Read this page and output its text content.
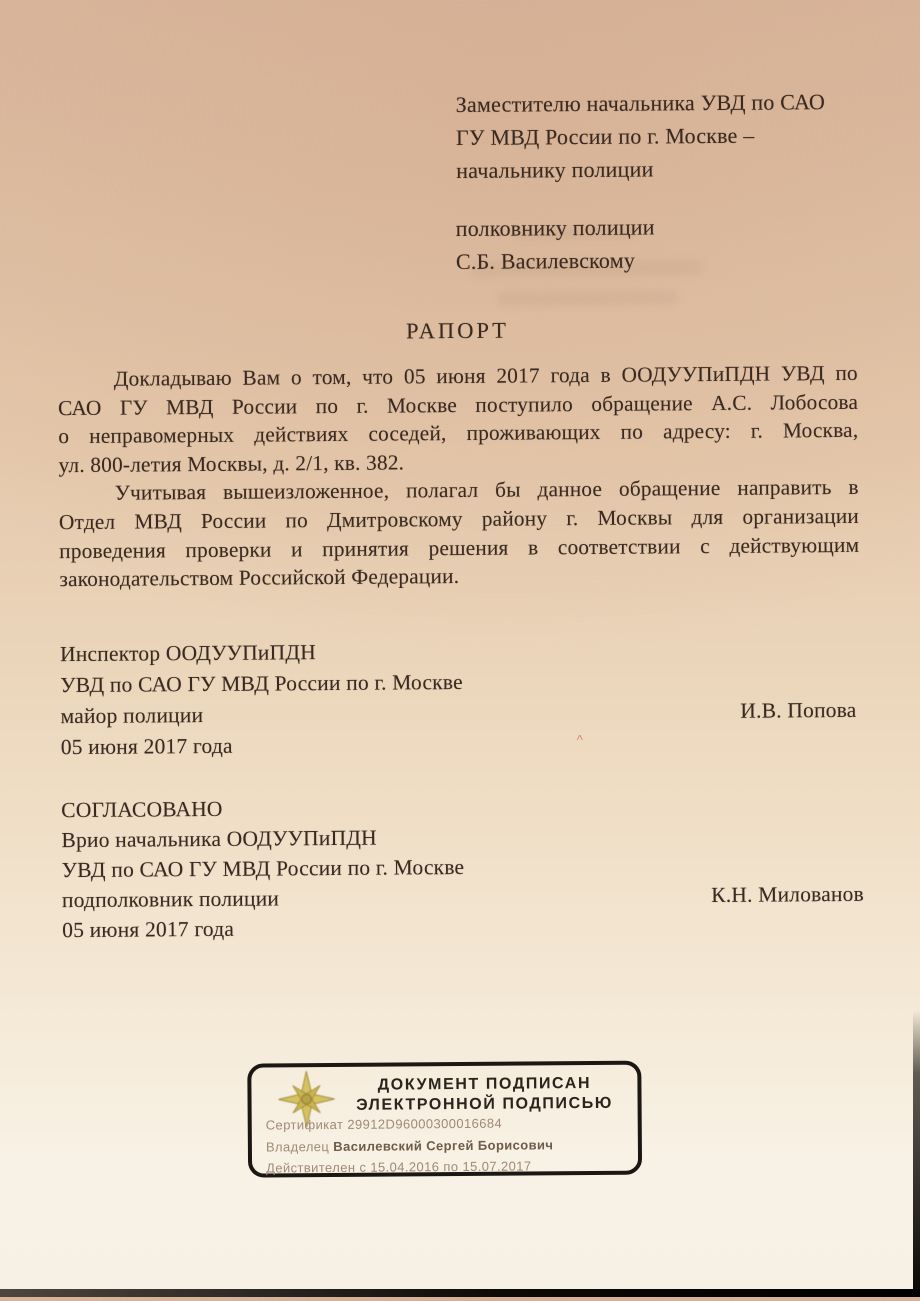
Заместителю начальника УВД по САО
ГУ МВД России по г. Москве –
начальнику полиции
полковнику полиции
С.Б. Василевскому
РАПОРТ
Докладываю Вам о том, что 05 июня 2017 года в ООДУУПиПДН УВД по
САО ГУ МВД России по г. Москве поступило обращение А.С. Лобосова
о неправомерных действиях соседей, проживающих по адресу: г. Москва,
ул. 800-летия Москвы, д. 2/1, кв. 382.
Учитывая вышеизложенное, полагал бы данное обращение направить в
Отдел МВД России по Дмитровскому району г. Москвы для организации
проведения проверки и принятия решения в соответствии с действующим
законодательством Российской Федерации.
Инспектор ООДУУПиПДН
УВД по САО ГУ МВД России по г. Москве
майор полиции	И.В. Попова
05 июня 2017 года
СОГЛАСОВАНО
Врио начальника ООДУУПиПДН
УВД по САО ГУ МВД России по г. Москве
подполковник полиции	К.Н. Милованов
05 июня 2017 года
ДОКУМЕНТ ПОДПИСАН
ЭЛЕКТРОННОЙ ПОДПИСЬЮ
Сертификат 29912D96000300016684
Владелец Василевский Сергей Борисович
Действителен с 15.04.2016 по 15.07.2017
^
